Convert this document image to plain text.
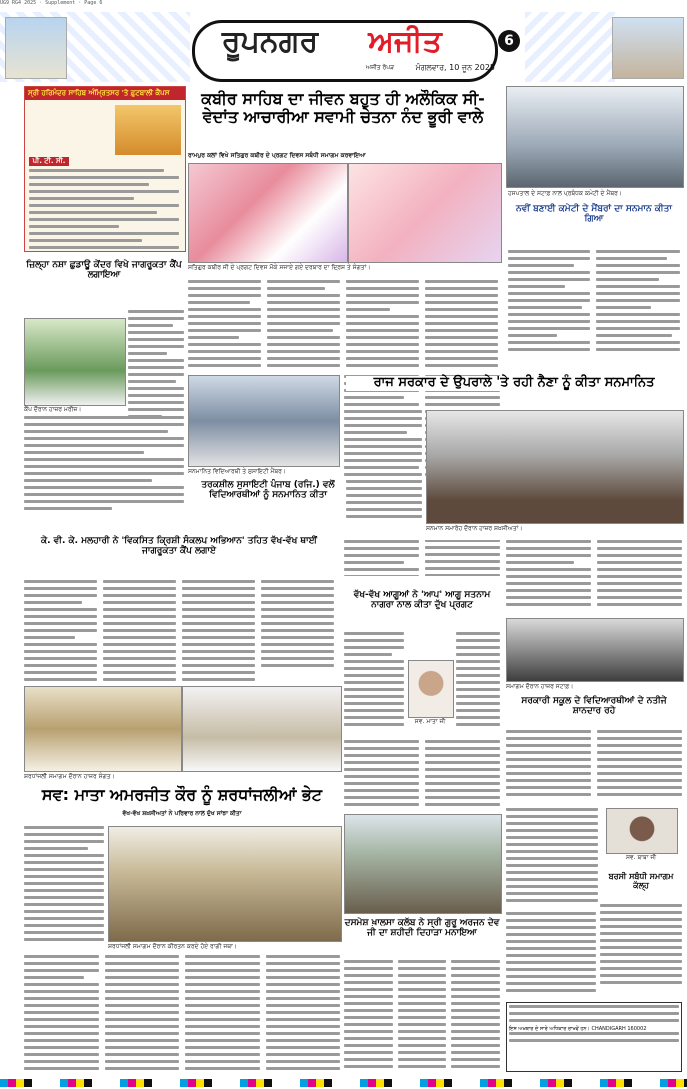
UG9 RG4 2025 · Supplement · Page 6
ਰੂਪਨਗਰ	ਅਜੀਤ
ਅਜੀਤ ਰੋਪੜ	ਮੰਗਲਵਾਰ, 10 ਜੂਨ 2025
6
ਸ੍ਰੀ ਹਰਿਮੰਦਰ ਸਾਹਿਬ ਅੰਮ੍ਰਿਤਸਰ 'ਤੇ ਫ਼ੁਟਬਾਲੀ ਕੈਂਪਸ
ਪੀ. ਟੀ. ਸੀ.
ਕਬੀਰ ਸਾਹਿਬ ਦਾ ਜੀਵਨ ਬਹੁਤ ਹੀ ਅਲੌਕਿਕ ਸੀ- ਵੇਦਾਂਤ ਆਚਾਰੀਆ ਸਵਾਮੀ ਚੇਤਨਾ ਨੰਦ ਭੂਰੀ ਵਾਲੇ
ਰਾਮਪੁਰ ਕਲਾਂ ਵਿਖੇ ਸਤਿਗੁਰ ਕਬੀਰ ਦੇ ਪ੍ਰਗਟ ਦਿਵਸ ਸਬੰਧੀ ਸਮਾਗਮ ਕਰਵਾਇਆ
ਸਤਿਗੁਰ ਕਬੀਰ ਜੀ ਦੇ ਪ੍ਰਗਟ ਦਿਵਸ ਮੌਕੇ ਸਜਾਏ ਗਏ ਦਰਬਾਰ ਦਾ ਦ੍ਰਿਸ਼ ਤੇ ਸੰਗਤਾਂ।
ਹਸਪਤਾਲ ਦੇ ਸਟਾਫ਼ ਨਾਲ ਪ੍ਰਬੰਧਕ ਕਮੇਟੀ ਦੇ ਮੈਂਬਰ।
ਨਵੀਂ ਬਣਾਈ ਕਮੇਟੀ ਦੇ ਮੈਂਬਰਾਂ ਦਾ ਸਨਮਾਨ ਕੀਤਾ ਗਿਆ
ਜ਼ਿਲ੍ਹਾ ਨਸ਼ਾ ਛੁਡਾਊ ਕੇਂਦਰ ਵਿਖੇ ਜਾਗਰੂਕਤਾ ਕੈਂਪ ਲਗਾਇਆ
ਕੈਂਪ ਦੌਰਾਨ ਹਾਜ਼ਰ ਮਰੀਜ਼।
ਸਨਮਾਨਿਤ ਵਿਦਿਆਰਥੀ ਤੇ ਸੁਸਾਇਟੀ ਮੈਂਬਰ।
ਤਰਕਸ਼ੀਲ ਸੁਸਾਇਟੀ ਪੰਜਾਬ (ਰਜਿ.) ਵਲੋਂ ਵਿਦਿਆਰਥੀਆਂ ਨੂੰ ਸਨਮਾਨਿਤ ਕੀਤਾ
ਰਾਜ ਸਰਕਾਰ ਦੇ ਉਪਰਾਲੇ 'ਤੇ ਰਹੀ ਨੈਣਾ ਨੂੰ ਕੀਤਾ ਸਨਮਾਨਿਤ
ਸਨਮਾਨ ਸਮਾਰੋਹ ਦੌਰਾਨ ਹਾਜ਼ਰ ਸ਼ਖ਼ਸੀਅਤਾਂ।
ਕੇ. ਵੀ. ਕੇ. ਮਲਹਾਰੀ ਨੇ 'ਵਿਕਸਿਤ ਕ੍ਰਿਸ਼ੀ ਸੰਕਲਪ ਅਭਿਆਨ' ਤਹਿਤ ਵੱਖ-ਵੱਖ ਥਾਈਂ ਜਾਗਰੂਕਤਾ ਕੈਂਪ ਲਗਾਏ
ਵੱਖ-ਵੱਖ ਆਗੂਆਂ ਨੇ 'ਆਪ' ਆਗੂ ਸਤਨਾਮ ਨਾਗਰਾ ਨਾਲ ਕੀਤਾ ਦੁੱਖ ਪ੍ਰਗਟ
ਸਵ. ਮਾਤਾ ਜੀ
ਸਮਾਗਮ ਦੌਰਾਨ ਹਾਜ਼ਰ ਸਟਾਫ਼।
ਸਰਕਾਰੀ ਸਕੂਲ ਦੇ ਵਿਦਿਆਰਥੀਆਂ ਦੇ ਨਤੀਜੇ ਸ਼ਾਨਦਾਰ ਰਹੇ
ਸ਼ਰਧਾਂਜਲੀ ਸਮਾਗਮ ਦੌਰਾਨ ਹਾਜ਼ਰ ਸੰਗਤ।
ਸਵ: ਮਾਤਾ ਅਮਰਜੀਤ ਕੌਰ ਨੂੰ ਸ਼ਰਧਾਂਜਲੀਆਂ ਭੇਟ
ਵੱਖ-ਵੱਖ ਸ਼ਖ਼ਸੀਅਤਾਂ ਨੇ ਪਰਿਵਾਰ ਨਾਲ ਦੁੱਖ ਸਾਂਝਾ ਕੀਤਾ
ਸ਼ਰਧਾਂਜਲੀ ਸਮਾਗਮ ਦੌਰਾਨ ਕੀਰਤਨ ਕਰਦੇ ਹੋਏ ਰਾਗੀ ਜਥਾ।
ਦਸਮੇਸ਼ ਖ਼ਾਲਸਾ ਕਲੱਬ ਨੇ ਸ੍ਰੀ ਗੁਰੂ ਅਰਜਨ ਦੇਵ ਜੀ ਦਾ ਸ਼ਹੀਦੀ ਦਿਹਾੜਾ ਮਨਾਇਆ
ਸਵ. ਬਾਬਾ ਜੀ
ਬਰਸੀ ਸਬੰਧੀ ਸਮਾਗਮ ਕੱਲ੍ਹ
ਇਸ ਅਖ਼ਬਾਰ ਦੇ ਸਾਰੇ ਅਧਿਕਾਰ ਰਾਖਵੇਂ ਹਨ। CHANDIGARH 160002
